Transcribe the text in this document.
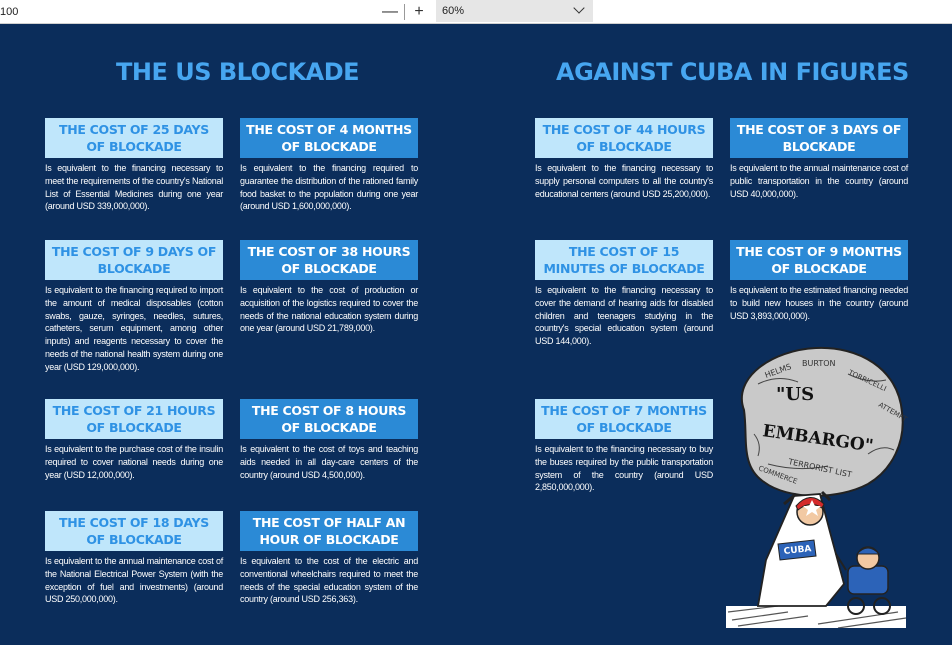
100	—	+	60%
THE US BLOCKADE	AGAINST CUBA IN FIGURES
THE COST OF 25 DAYS OF BLOCKADE
Is equivalent to the financing necessary to meet the requirements of the country's National List of Essential Medicines during one year (around USD 339,000,000).
THE COST OF 4 MONTHS OF BLOCKADE
Is equivalent to the financing required to guarantee the distribution of the rationed family food basket to the population during one year (around USD 1,600,000,000).
THE COST OF 9 DAYS OF BLOCKADE
Is equivalent to the financing required to import the amount of medical disposables (cotton swabs, gauze, syringes, needles, sutures, catheters, serum equipment, among other inputs) and reagents necessary to cover the needs of the national health system during one year (USD 129,000,000).
THE COST OF 38 HOURS OF BLOCKADE
Is equivalent to the cost of production or acquisition of the logistics required to cover the needs of the national education system during one year (around USD 21,789,000).
THE COST OF 21 HOURS OF BLOCKADE
Is equivalent to the purchase cost of the insulin required to cover national needs during one year (USD 12,000,000).
THE COST OF 8 HOURS OF BLOCKADE
Is equivalent to the cost of toys and teaching aids needed in all day-care centers of the country (around USD 4,500,000).
THE COST OF 18 DAYS OF BLOCKADE
Is equivalent to the annual maintenance cost of the National Electrical Power System (with the exception of fuel and investments) (around USD 250,000,000).
THE COST OF HALF AN HOUR OF BLOCKADE
Is equivalent to the cost of the electric and conventional wheelchairs required to meet the needs of the special education system of the country (around USD 256,363).
THE COST OF 44 HOURS OF BLOCKADE
Is equivalent to the financing necessary to supply personal computers to all the country's educational centers (around USD 25,200,000).
THE COST OF 3 DAYS OF BLOCKADE
Is equivalent to the annual maintenance cost of public transportation in the country (around USD 40,000,000).
THE COST OF 15 MINUTES OF BLOCKADE
Is equivalent to the financing necessary to cover the demand of hearing aids for disabled children and teenagers studying in the country's special education system (around USD 144,000).
THE COST OF 9 MONTHS OF BLOCKADE
Is equivalent to the estimated financing needed to build new houses in the country (around USD 3,893,000,000).
THE COST OF 7 MONTHS OF BLOCKADE
Is equivalent to the financing necessary to buy the buses required by the public transportation system of the country (around USD 2,850,000,000).
HELMS BURTON
TORRICELLI
ATTEMPT
"US
EMBARGO"
TERRORIST LIST
COMMERCE
CUBA
